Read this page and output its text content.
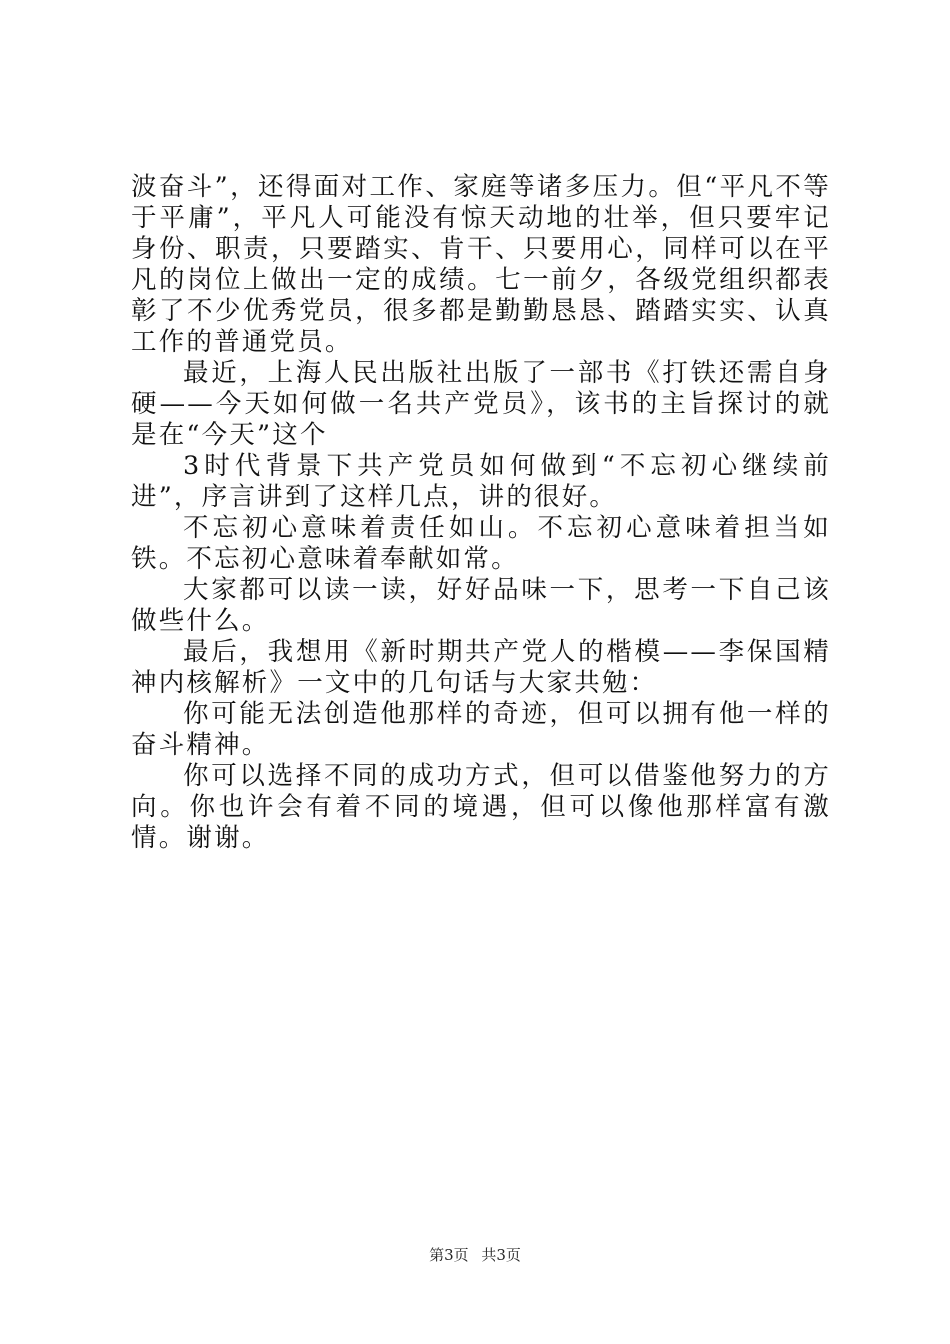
波奋斗”，还得面对工作、家庭等诸多压力。但“平凡不等于平庸”，平凡人可能没有惊天动地的壮举，但只要牢记身份、职责，只要踏实、肯干、只要用心，同样可以在平凡的岗位上做出一定的成绩。七一前夕，各级党组织都表彰了不少优秀党员，很多都是勤勤恳恳、踏踏实实、认真工作的普通党员。

最近，上海人民出版社出版了一部书《打铁还需自身硬——今天如何做一名共产党员》，该书的主旨探讨的就是在“今天”这个

3时代背景下共产党员如何做到“不忘初心继续前进”，序言讲到了这样几点，讲的很好。

不忘初心意味着责任如山。不忘初心意味着担当如铁。不忘初心意味着奉献如常。

大家都可以读一读，好好品味一下，思考一下自己该做些什么。

最后，我想用《新时期共产党人的楷模——李保国精神内核解析》一文中的几句话与大家共勉：

你可能无法创造他那样的奇迹，但可以拥有他一样的奋斗精神。

你可以选择不同的成功方式，但可以借鉴他努力的方向。你也许会有着不同的境遇，但可以像他那样富有激情。谢谢。

第3页 共3页
